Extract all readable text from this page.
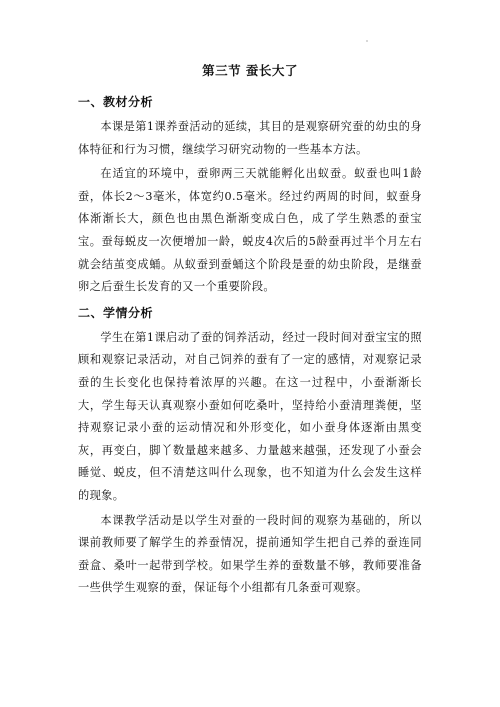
第三节 蚕长大了
一、教材分析

本课是第1课养蚕活动的延续，其目的是观察研究蚕的幼虫的身体特征和行为习惯，继续学习研究动物的一些基本方法。

在适宜的环境中，蚕卵两三天就能孵化出蚁蚕。蚁蚕也叫1龄蚕，体长2～3毫米，体宽约0.5毫米。经过约两周的时间，蚁蚕身体渐渐长大，颜色也由黑色渐渐变成白色，成了学生熟悉的蚕宝宝。蚕每蜕皮一次便增加一龄，蜕皮4次后的5龄蚕再过半个月左右就会结茧变成蛹。从蚁蚕到蚕蛹这个阶段是蚕的幼虫阶段，是继蚕卵之后蚕生长发育的又一个重要阶段。

二、学情分析

学生在第1课启动了蚕的饲养活动，经过一段时间对蚕宝宝的照顾和观察记录活动，对自己饲养的蚕有了一定的感情，对观察记录蚕的生长变化也保持着浓厚的兴趣。在这一过程中，小蚕渐渐长大，学生每天认真观察小蚕如何吃桑叶，坚持给小蚕清理粪便，坚持观察记录小蚕的运动情况和外形变化，如小蚕身体逐渐由黑变灰，再变白，脚丫数量越来越多、力量越来越强，还发现了小蚕会睡觉、蜕皮，但不清楚这叫什么现象，也不知道为什么会发生这样的现象。

本课教学活动是以学生对蚕的一段时间的观察为基础的，所以课前教师要了解学生的养蚕情况，提前通知学生把自己养的蚕连同蚕盒、桑叶一起带到学校。如果学生养的蚕数量不够，教师要准备一些供学生观察的蚕，保证每个小组都有几条蚕可观察。
